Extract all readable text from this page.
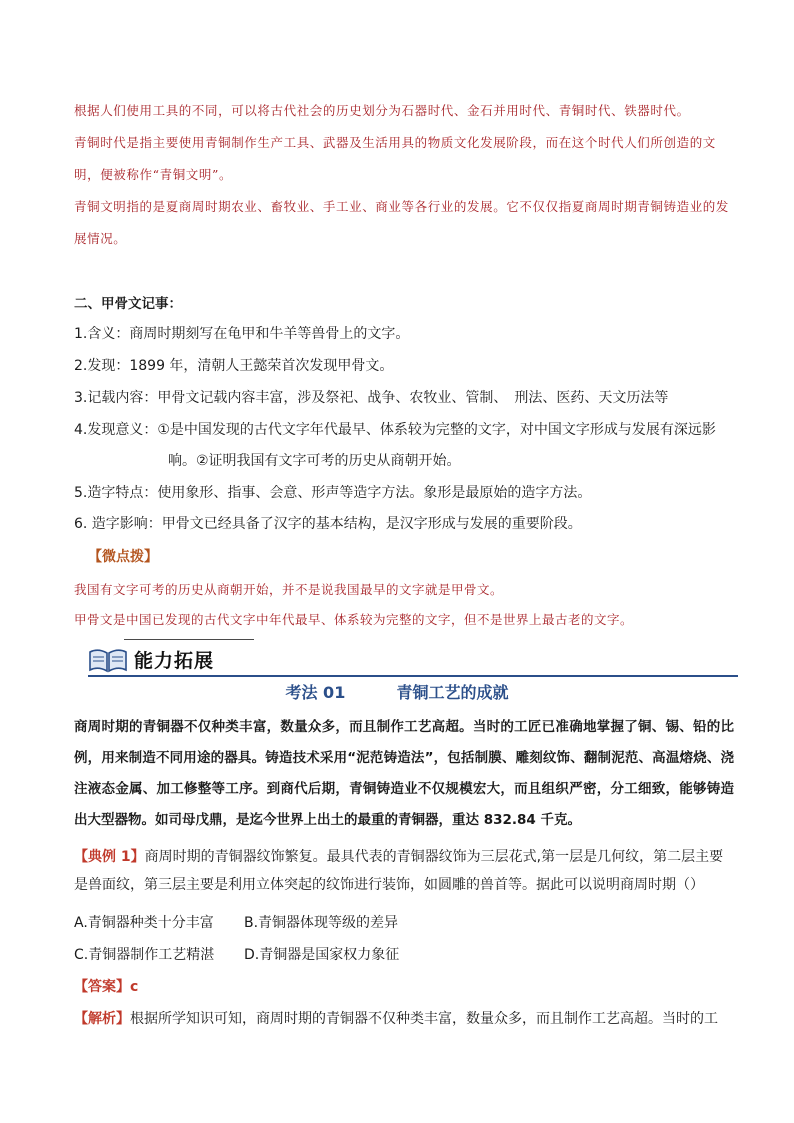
根据人们使用工具的不同，可以将古代社会的历史划分为石器时代、金石并用时代、青铜时代、铁器时代。
青铜时代是指主要使用青铜制作生产工具、武器及生活用具的物质文化发展阶段，而在这个时代人们所创造的文明，便被称作“青铜文明”。
青铜文明指的是夏商周时期农业、畜牧业、手工业、商业等各行业的发展。它不仅仅指夏商周时期青铜铸造业的发展情况。
二、甲骨文记事：
1.含义：商周时期刻写在龟甲和牛羊等兽骨上的文字。
2.发现：1899 年，清朝人王懿荣首次发现甲骨文。
3.记载内容：甲骨文记载内容丰富，涉及祭祀、战争、农牧业、管制、　刑法、医药、天文历法等
4.发现意义：①是中国发现的古代文字年代最早、体系较为完整的文字，对中国文字形成与发展有深远影
响。②证明我国有文字可考的历史从商朝开始。
5.造字特点：使用象形、指事、会意、形声等造字方法。象形是最原始的造字方法。
6. 造字影响：甲骨文已经具备了汉字的基本结构，是汉字形成与发展的重要阶段。
【微点拨】
我国有文字可考的历史从商朝开始，并不是说我国最早的文字就是甲骨文。
甲骨文是中国已发现的古代文字中年代最早、体系较为完整的文字，但不是世界上最古老的文字。
能力拓展
考法 01	青铜工艺的成就
商周时期的青铜器不仅种类丰富，数量众多，而且制作工艺高超。当时的工匠已准确地掌握了铜、锡、铅的比例，用来制造不同用途的器具。铸造技术采用“泥范铸造法”，包括制膜、雕刻纹饰、翻制泥范、高温熔烧、浇注液态金属、加工修整等工序。到商代后期，青铜铸造业不仅规模宏大，而且组织严密，分工细致，能够铸造出大型器物。如司母戊鼎，是迄今世界上出土的最重的青铜器，重达 832.84 千克。
【典例 1】商周时期的青铜器纹饰繁复。最具代表的青铜器纹饰为三层花式,第一层是几何纹，第二层主要是兽面纹，第三层主要是利用立体突起的纹饰进行装饰，如圆雕的兽首等。据此可以说明商周时期（）
A.青铜器种类十分丰富 B.青铜器体现等级的差异
C.青铜器制作工艺精湛 D.青铜器是国家权力象征
【答案】c
【解析】根据所学知识可知，商周时期的青铜器不仅种类丰富，数量众多，而且制作工艺高超。当时的工
